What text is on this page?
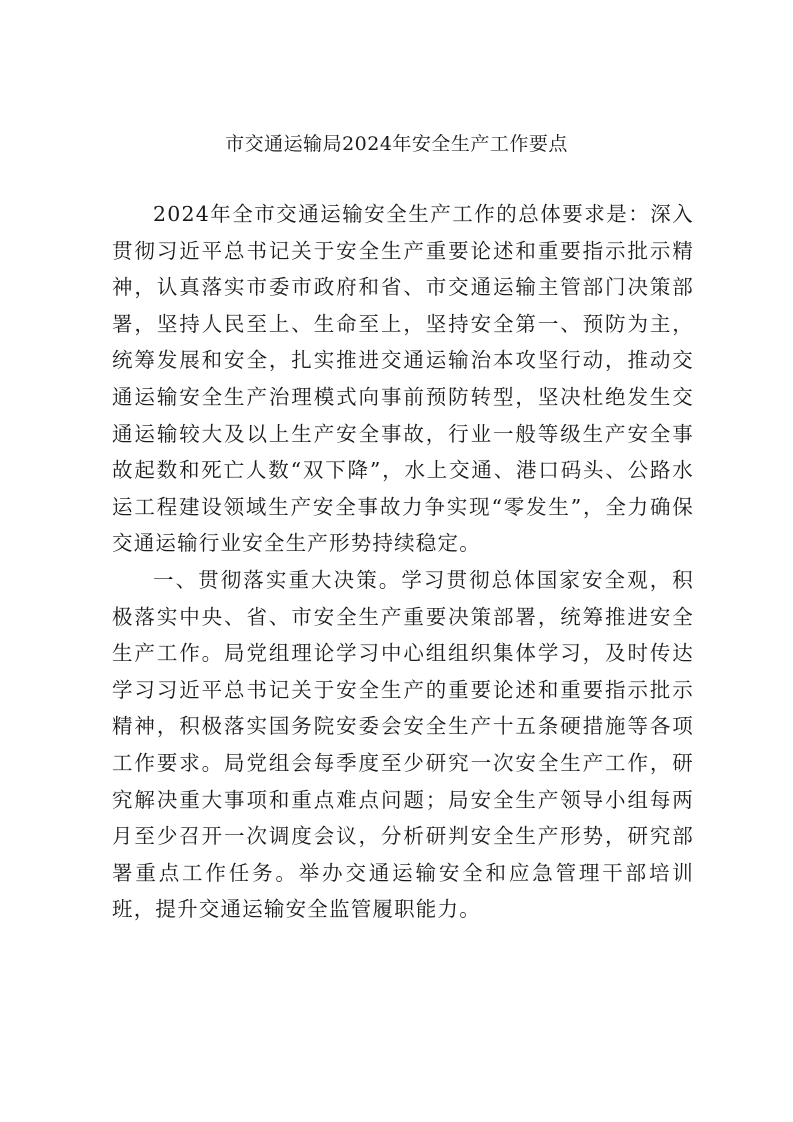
市交通运输局2024年安全生产工作要点

2024年全市交通运输安全生产工作的总体要求是：深入贯彻习近平总书记关于安全生产重要论述和重要指示批示精神，认真落实市委市政府和省、市交通运输主管部门决策部署，坚持人民至上、生命至上，坚持安全第一、预防为主，统筹发展和安全，扎实推进交通运输治本攻坚行动，推动交通运输安全生产治理模式向事前预防转型，坚决杜绝发生交通运输较大及以上生产安全事故，行业一般等级生产安全事故起数和死亡人数“双下降”，水上交通、港口码头、公路水运工程建设领域生产安全事故力争实现“零发生”，全力确保交通运输行业安全生产形势持续稳定。

一、贯彻落实重大决策。学习贯彻总体国家安全观，积极落实中央、省、市安全生产重要决策部署，统筹推进安全生产工作。局党组理论学习中心组组织集体学习，及时传达学习习近平总书记关于安全生产的重要论述和重要指示批示精神，积极落实国务院安委会安全生产十五条硬措施等各项工作要求。局党组会每季度至少研究一次安全生产工作，研究解决重大事项和重点难点问题；局安全生产领导小组每两月至少召开一次调度会议，分析研判安全生产形势，研究部署重点工作任务。举办交通运输安全和应急管理干部培训班，提升交通运输安全监管履职能力。
